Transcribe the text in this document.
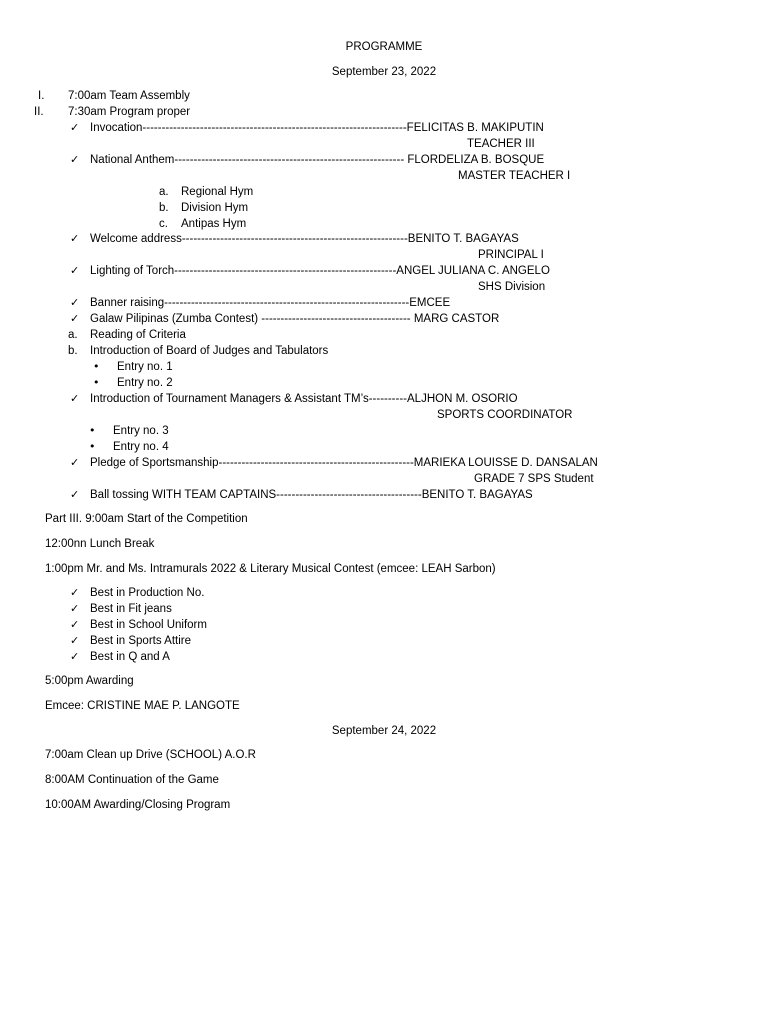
PROGRAMME
September 23, 2022
I. 7:00am Team Assembly
II. 7:30am Program proper
✓ Invocation---------------------------------------------------------------------FELICITAS B. MAKIPUTIN
TEACHER III
✓ National Anthem------------------------------------------------------------ FLORDELIZA B. BOSQUE
MASTER TEACHER I
a. Regional Hym
b. Division Hym
c. Antipas Hym
✓ Welcome address-----------------------------------------------------------BENITO T. BAGAYAS
PRINCIPAL I
✓ Lighting of Torch----------------------------------------------------------ANGEL JULIANA C. ANGELO
SHS Division
✓ Banner raising----------------------------------------------------------------EMCEE
✓ Galaw Pilipinas (Zumba Contest) --------------------------------------- MARG CASTOR
a. Reading of Criteria
b. Introduction of Board of Judges and Tabulators
• Entry no. 1
• Entry no. 2
✓ Introduction of Tournament Managers & Assistant TM’s----------ALJHON M. OSORIO
SPORTS COORDINATOR
• Entry no. 3
• Entry no. 4
✓ Pledge of Sportsmanship---------------------------------------------------MARIEKA LOUISSE D. DANSALAN
GRADE 7 SPS Student
✓ Ball tossing WITH TEAM CAPTAINS--------------------------------------BENITO T. BAGAYAS
Part III. 9:00am Start of the Competition
12:00nn Lunch Break
1:00pm Mr. and Ms. Intramurals 2022 & Literary Musical Contest (emcee: LEAH Sarbon)
✓ Best in Production No.
✓ Best in Fit jeans
✓ Best in School Uniform
✓ Best in Sports Attire
✓ Best in Q and A
5:00pm Awarding
Emcee: CRISTINE MAE P. LANGOTE
September 24, 2022
7:00am Clean up Drive (SCHOOL) A.O.R
8:00AM Continuation of the Game
10:00AM Awarding/Closing Program
